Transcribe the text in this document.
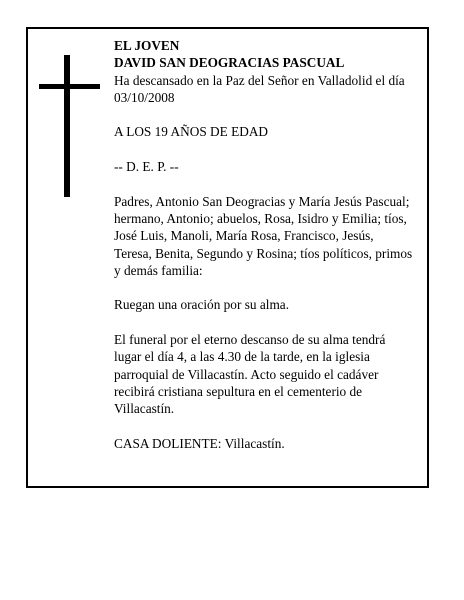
EL JOVEN

DAVID SAN DEOGRACIAS PASCUAL

Ha descansado en la Paz del Señor en Valladolid el día
03/10/2008

A LOS 19 AÑOS DE EDAD

-- D. E. P. --

Padres, Antonio San Deogracias y María Jesús Pascual;
hermano, Antonio; abuelos, Rosa, Isidro y Emilia; tíos,
José Luis, Manoli, María Rosa, Francisco, Jesús,
Teresa, Benita, Segundo y Rosina; tíos políticos, primos
y demás familia:

Ruegan una oración por su alma.

El funeral por el eterno descanso de su alma tendrá
lugar el día 4, a las 4.30 de la tarde, en la iglesia
parroquial de Villacastín. Acto seguido el cadáver
recibirá cristiana sepultura en el cementerio de
Villacastín.

CASA DOLIENTE: Villacastín.
